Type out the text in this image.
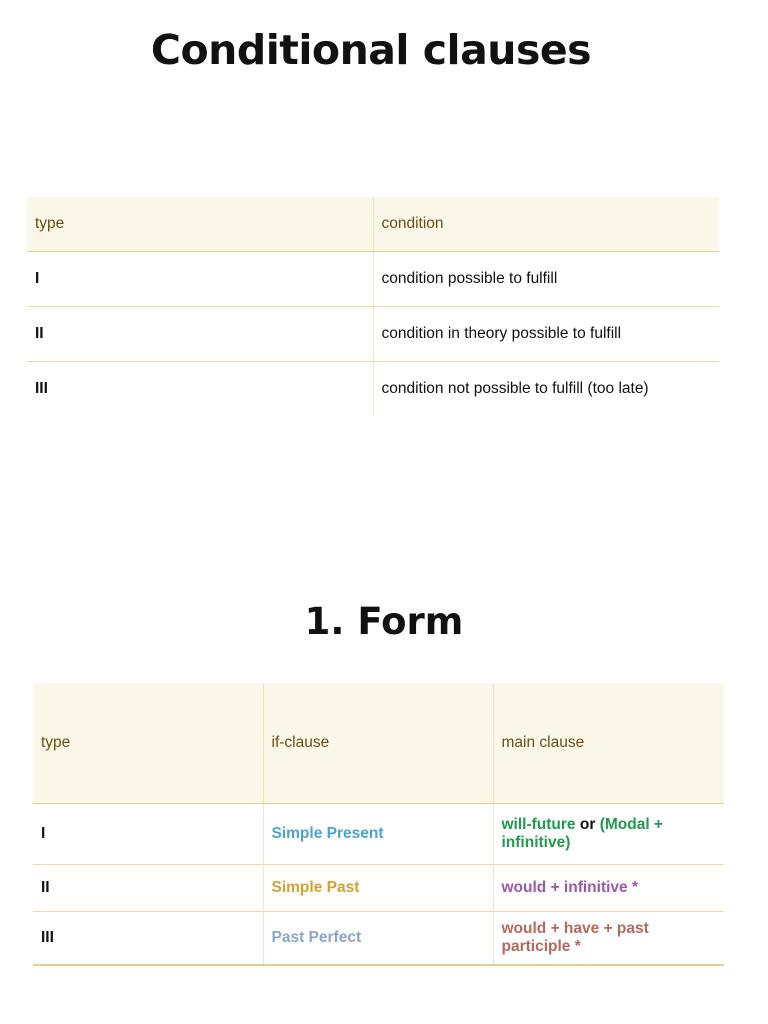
Conditional clauses
type	condition
I	condition possible to fulfill
II	condition in theory possible to fulfill
III	condition not possible to fulfill (too late)
1. Form
type	if-clause	main clause
I	Simple Present	will-future or (Modal + infinitive)
II	Simple Past	would + infinitive *
III	Past Perfect	would + have + past participle *
